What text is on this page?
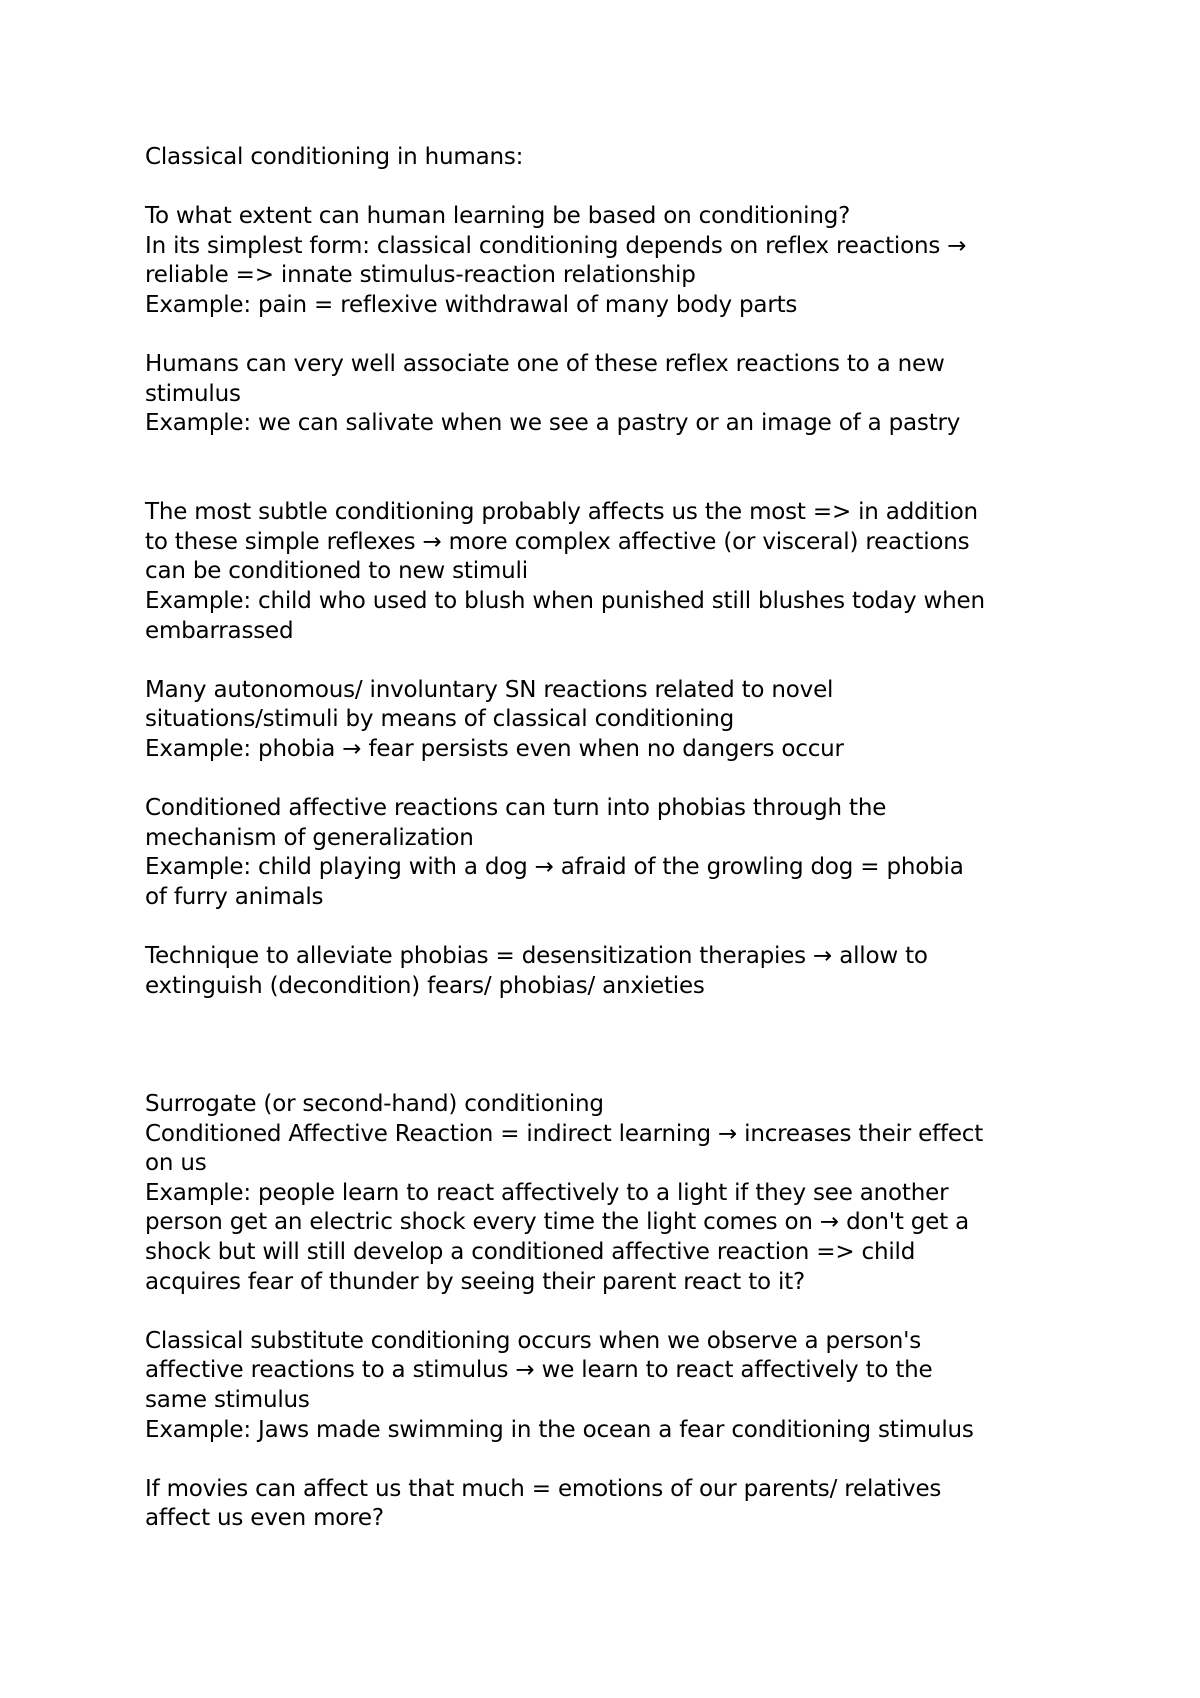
Classical conditioning in humans:
To what extent can human learning be based on conditioning?
In its simplest form: classical conditioning depends on reflex reactions →
reliable => innate stimulus-reaction relationship
Example: pain = reflexive withdrawal of many body parts
Humans can very well associate one of these reflex reactions to a new
stimulus
Example: we can salivate when we see a pastry or an image of a pastry
The most subtle conditioning probably affects us the most => in addition
to these simple reflexes → more complex affective (or visceral) reactions
can be conditioned to new stimuli
Example: child who used to blush when punished still blushes today when
embarrassed
Many autonomous/ involuntary SN reactions related to novel
situations/stimuli by means of classical conditioning
Example: phobia → fear persists even when no dangers occur
Conditioned affective reactions can turn into phobias through the
mechanism of generalization
Example: child playing with a dog → afraid of the growling dog = phobia
of furry animals
Technique to alleviate phobias = desensitization therapies → allow to
extinguish (decondition) fears/ phobias/ anxieties
Surrogate (or second-hand) conditioning
Conditioned Affective Reaction = indirect learning → increases their effect
on us
Example: people learn to react affectively to a light if they see another
person get an electric shock every time the light comes on → don't get a
shock but will still develop a conditioned affective reaction => child
acquires fear of thunder by seeing their parent react to it?
Classical substitute conditioning occurs when we observe a person's
affective reactions to a stimulus → we learn to react affectively to the
same stimulus
Example: Jaws made swimming in the ocean a fear conditioning stimulus
If movies can affect us that much = emotions of our parents/ relatives
affect us even more?
